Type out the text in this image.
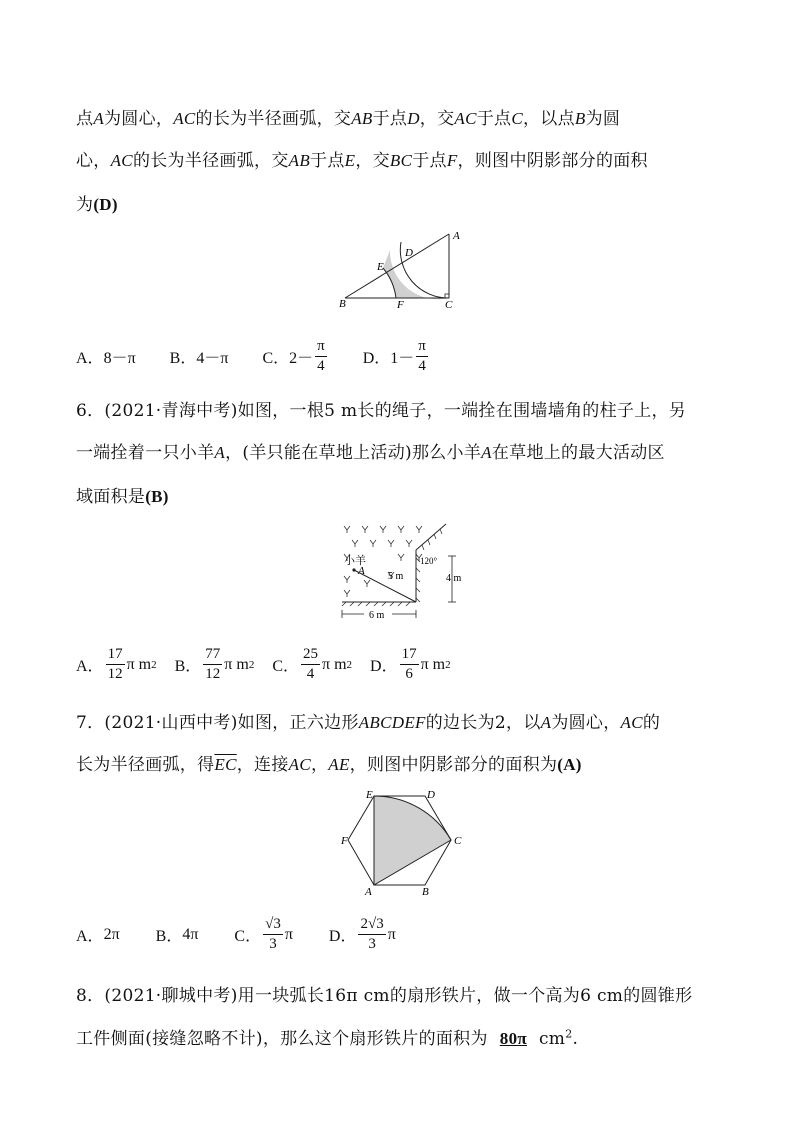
点A为圆心，AC的长为半径画弧，交AB于点D，交AC于点C，以点B为圆
心，AC的长为半径画弧，交AB于点E，交BC于点F，则图中阴影部分的面积
为(D)
A
B	C
D
E
F
A． 8－π
B． 4－π
C． $2- \frac{\pi}{4}$
D． $1- \frac{\pi}{4}$
6．(2021·青海中考)如图，一根5 m长的绳子，一端拴在围墙墙角的柱子上，另
一端拴着一只小羊A，(羊只能在草地上活动)那么小羊A在草地上的最大活动区
域面积是(B)
小羊
A 5 m
120°
4 m
6 m
A． $\frac{17}{12}$ π m 2
B． $\frac{77}{12}$ π m 2
C． $\frac{25}{4}$ π m 2
D． $\frac{17}{6}$ π m 2
7．(2021·山西中考)如图，正六边形ABCDEF的边长为2，以A为圆心，AC的
长为半径画弧，得$\overline{EC}$，连接AC，AE，则图中阴影部分的面积为(A)
A	B
C
D
E
F
A． 2π
B． 4π
C． $\frac{√3}{3}$ π
D． $\frac{2√3}{3}$ π
8．(2021·聊城中考)用一块弧长16π cm的扇形铁片，做一个高为6 cm的圆锥形
工件侧面(接缝忽略不计)，那么这个扇形铁片的面积为 80π $cm^2$.
